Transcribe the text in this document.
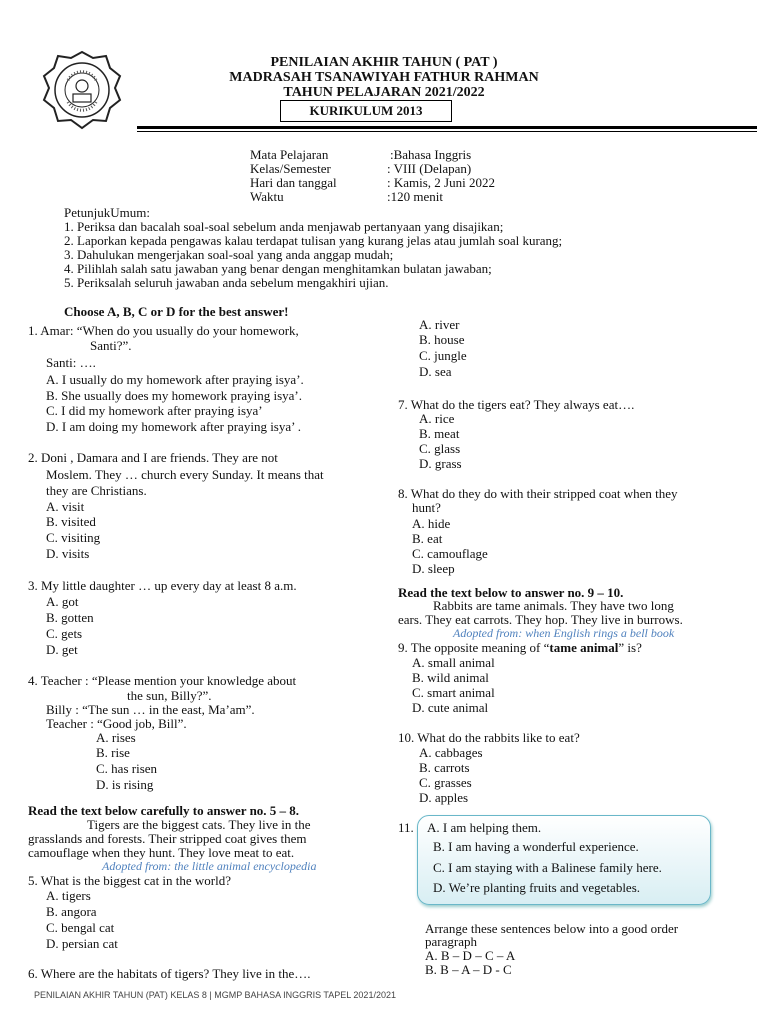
PENILAIAN AKHIR TAHUN ( PAT )
MADRASAH TSANAWIYAH FATHUR RAHMAN
TAHUN PELAJARAN 2021/2022
KURIKULUM 2013
Mata Pelajaran	:Bahasa Inggris
Kelas/Semester	: VIII (Delapan)
Hari dan tanggal	: Kamis, 2 Juni 2022
Waktu	:120 menit
PetunjukUmum:
1. Periksa dan bacalah soal-soal sebelum anda menjawab pertanyaan yang disajikan;
2. Laporkan kepada pengawas kalau terdapat tulisan yang kurang jelas atau jumlah soal kurang;
3. Dahulukan mengerjakan soal-soal yang anda anggap mudah;
4. Pilihlah salah satu jawaban yang benar dengan menghitamkan bulatan jawaban;
5. Periksalah seluruh jawaban anda sebelum mengakhiri ujian.
Choose A, B, C or D for the best answer!
1. Amar: “When do you usually do your homework,
Santi?”.
Santi: ….
A. I usually do my homework after praying isya’.
B. She usually does my homework praying isya’.
C. I did my homework after praying isya’
D. I am doing my homework after praying isya’ .
2. Doni , Damara and I are friends. They are not
Moslem. They … church every Sunday. It means that
they are Christians.
A. visit
B. visited
C. visiting
D. visits
3. My little daughter … up every day at least 8 a.m.
A. got
B. gotten
C. gets
D. get
4. Teacher : “Please mention your knowledge about
the sun, Billy?”.
Billy : “The sun … in the east, Ma’am”.
Teacher : “Good job, Bill”.
A. rises
B. rise
C. has risen
D. is rising
Read the text below carefully to answer no. 5 – 8.
Tigers are the biggest cats. They live in the
grasslands and forests. Their stripped coat gives them
camouflage when they hunt. They love meat to eat.
Adopted from: the little animal encyclopedia
5. What is the biggest cat in the world?
A. tigers
B. angora
C. bengal cat
D. persian cat
6. Where are the habitats of tigers? They live in the….
A. river
B. house
C. jungle
D. sea
7. What do the tigers eat? They always eat….
A. rice
B. meat
C. glass
D. grass
8. What do they do with their stripped coat when they
hunt?
A. hide
B. eat
C. camouflage
D. sleep
Read the text below to answer no. 9 – 10.
Rabbits are tame animals. They have two long
ears. They eat carrots. They hop. They live in burrows.
Adopted from: when English rings a bell book
9. The opposite meaning of “tame animal” is?
A. small animal
B. wild animal
C. smart animal
D. cute animal
10. What do the rabbits like to eat?
A. cabbages
B. carrots
C. grasses
D. apples
11. A. I am helping them.
B. I am having a wonderful experience.
C. I am staying with a Balinese family here.
D. We’re planting fruits and vegetables.
Arrange these sentences below into a good order
paragraph
A. B – D – C – A
B. B – A – D - C
PENILAIAN AKHIR TAHUN (PAT) KELAS 8 | MGMP BAHASA INGGRIS TAPEL 2021/2021
